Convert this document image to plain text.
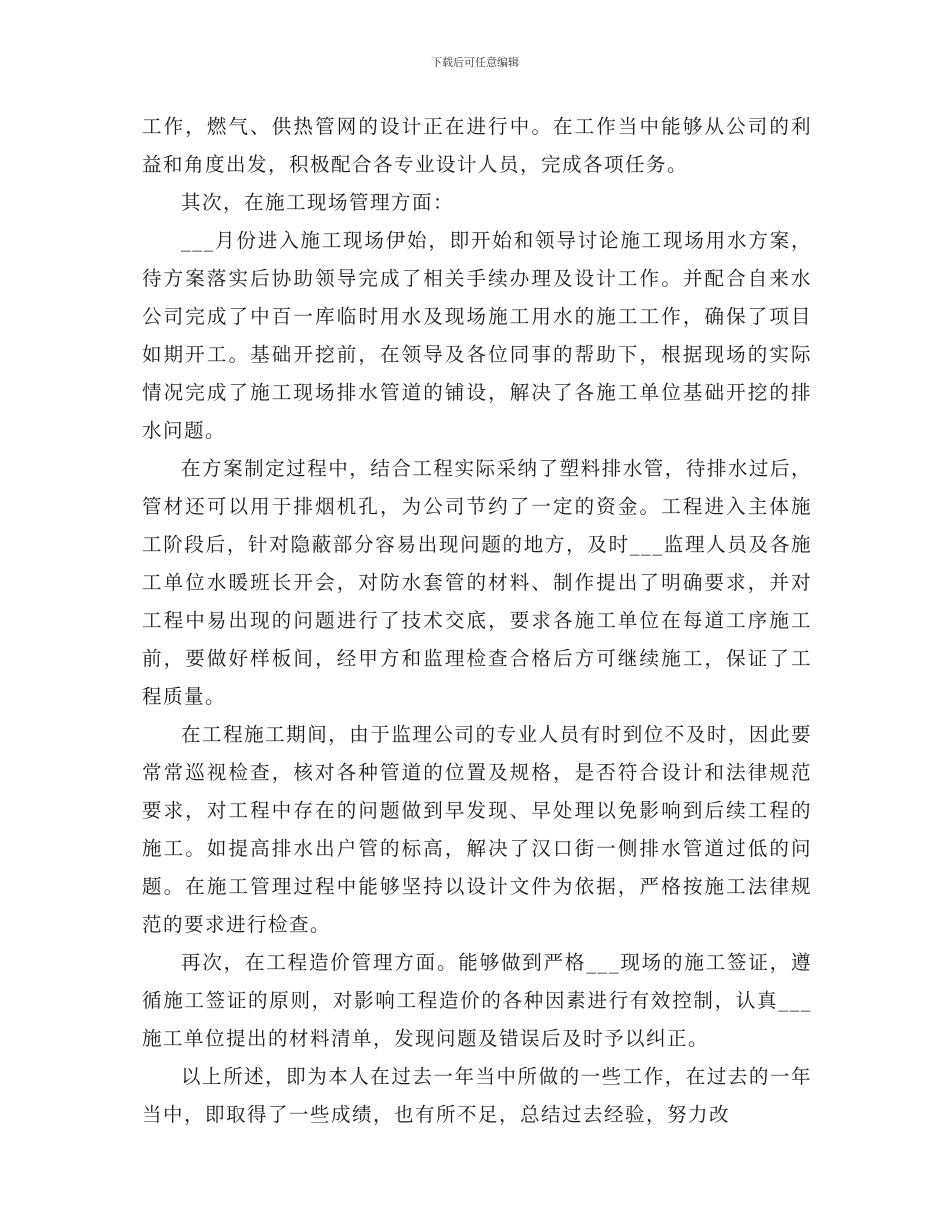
下载后可任意编辑

工作，燃气、供热管网的设计正在进行中。在工作当中能够从公司的利益和角度出发，积极配合各专业设计人员，完成各项任务。

其次，在施工现场管理方面：

___月份进入施工现场伊始，即开始和领导讨论施工现场用水方案，待方案落实后协助领导完成了相关手续办理及设计工作。并配合自来水公司完成了中百一库临时用水及现场施工用水的施工工作，确保了项目如期开工。基础开挖前，在领导及各位同事的帮助下，根据现场的实际情况完成了施工现场排水管道的铺设，解决了各施工单位基础开挖的排水问题。

在方案制定过程中，结合工程实际采纳了塑料排水管，待排水过后，管材还可以用于排烟机孔，为公司节约了一定的资金。工程进入主体施工阶段后，针对隐蔽部分容易出现问题的地方，及时___监理人员及各施工单位水暖班长开会，对防水套管的材料、制作提出了明确要求，并对工程中易出现的问题进行了技术交底，要求各施工单位在每道工序施工前，要做好样板间，经甲方和监理检查合格后方可继续施工，保证了工程质量。

在工程施工期间，由于监理公司的专业人员有时到位不及时，因此要常常巡视检查，核对各种管道的位置及规格，是否符合设计和法律规范要求，对工程中存在的问题做到早发现、早处理以免影响到后续工程的施工。如提高排水出户管的标高，解决了汉口街一侧排水管道过低的问题。在施工管理过程中能够坚持以设计文件为依据，严格按施工法律规范的要求进行检查。

再次，在工程造价管理方面。能够做到严格___现场的施工签证，遵循施工签证的原则，对影响工程造价的各种因素进行有效控制，认真___施工单位提出的材料清单，发现问题及错误后及时予以纠正。

以上所述，即为本人在过去一年当中所做的一些工作，在过去的一年当中，即取得了一些成绩，也有所不足，总结过去经验，努力改
